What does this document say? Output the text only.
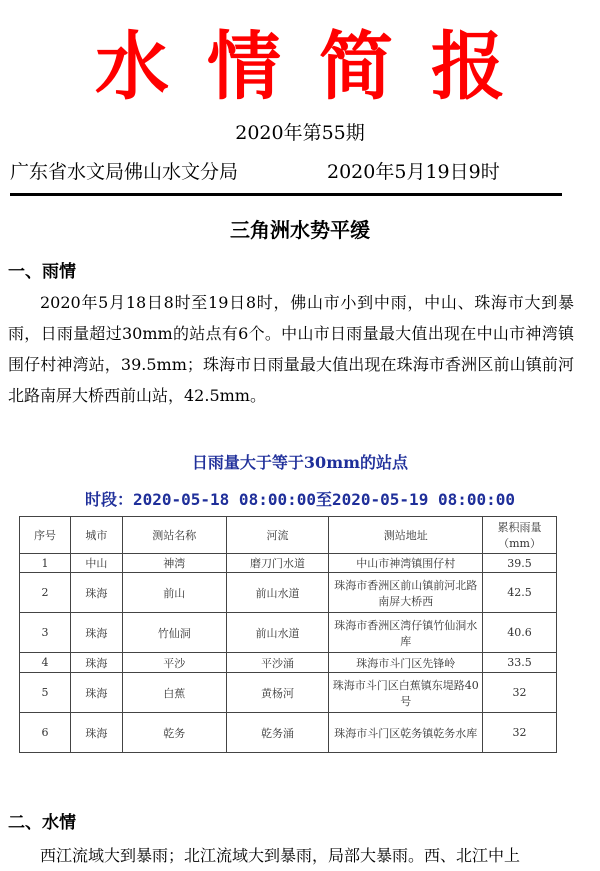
水情简报
2020年第55期
广东省水文局佛山水文分局	2020年5月19日9时
三角洲水势平缓
一、雨情
2020年5月18日8时至19日8时，佛山市小到中雨，中山、珠海市大到暴雨，日雨量超过30mm的站点有6个。中山市日雨量最大值出现在中山市神湾镇围仔村神湾站，39.5mm；珠海市日雨量最大值出现在珠海市香洲区前山镇前河北路南屏大桥西前山站，42.5mm。
日雨量大于等于30mm的站点
时段：2020-05-18 08:00:00至2020-05-19 08:00:00
序号	城市	测站名称	河流	测站地址	累积雨量（mm）
1	中山	神湾	磨刀门水道	中山市神湾镇围仔村	39.5
2	珠海	前山	前山水道	珠海市香洲区前山镇前河北路南屏大桥西	42.5
3	珠海	竹仙洞	前山水道	珠海市香洲区湾仔镇竹仙洞水库	40.6
4	珠海	平沙	平沙涌	珠海市斗门区先锋岭	33.5
5	珠海	白蕉	黄杨河	珠海市斗门区白蕉镇东堤路40号	32
6	珠海	乾务	乾务涌	珠海市斗门区乾务镇乾务水库	32
二、水情
西江流域大到暴雨；北江流域大到暴雨，局部大暴雨。西、北江中上
